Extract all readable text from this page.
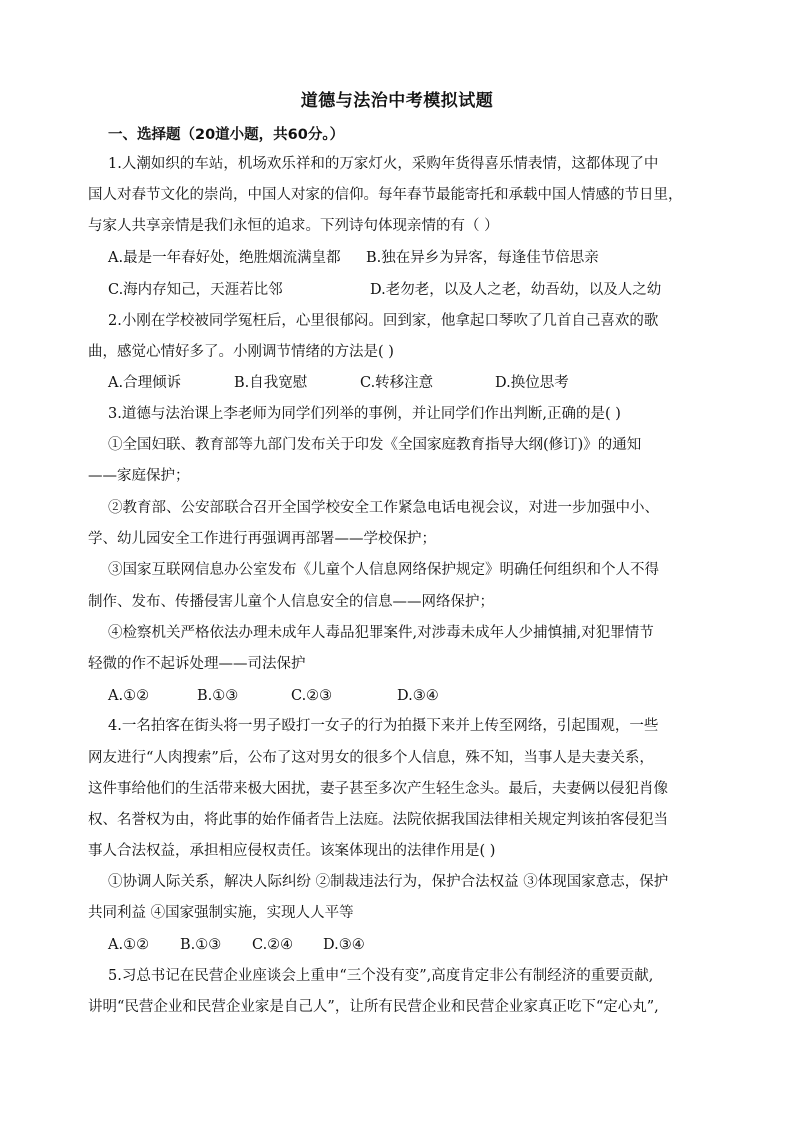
道德与法治中考模拟试题
一、选择题（20道小题，共60分。）
1.人潮如织的车站，机场欢乐祥和的万家灯火，采购年货得喜乐情表情，这都体现了中
国人对春节文化的崇尚，中国人对家的信仰。每年春节最能寄托和承载中国人情感的节日里，
与家人共享亲情是我们永恒的追求。下列诗句体现亲情的有（ ）
A.最是一年春好处，绝胜烟流满皇都 B.独在异乡为异客，每逢佳节倍思亲
C.海内存知己，天涯若比邻	D.老勿老，以及人之老，幼吾幼，以及人之幼
2.小刚在学校被同学冤枉后，心里很郁闷。回到家，他拿起口琴吹了几首自己喜欢的歌
曲，感觉心情好多了。小刚调节情绪的方法是( )
A.合理倾诉	B.自我宽慰	C.转移注意	D.换位思考
3.道德与法治课上李老师为同学们列举的事例，并让同学们作出判断,正确的是( )
①全国妇联、教育部等九部门发布关于印发《全国家庭教育指导大纲(修订)》的通知
——家庭保护；
②教育部、公安部联合召开全国学校安全工作紧急电话电视会议，对进一步加强中小、
学、幼儿园安全工作进行再强调再部署——学校保护；
③国家互联网信息办公室发布《儿童个人信息网络保护规定》明确任何组织和个人不得
制作、发布、传播侵害儿童个人信息安全的信息——网络保护；
④检察机关严格依法办理未成年人毒品犯罪案件,对涉毒未成年人少捕慎捕,对犯罪情节
轻微的作不起诉处理——司法保护
A.①②	B.①③	C.②③	D.③④
4.一名拍客在街头将一男子殴打一女子的行为拍摄下来并上传至网络，引起围观，一些
网友进行“人肉搜索”后，公布了这对男女的很多个人信息，殊不知，当事人是夫妻关系，
这件事给他们的生活带来极大困扰，妻子甚至多次产生轻生念头。最后，夫妻俩以侵犯肖像
权、名誉权为由，将此事的始作俑者告上法庭。法院依据我国法律相关规定判该拍客侵犯当
事人合法权益，承担相应侵权责任。该案体现出的法律作用是( )
①协调人际关系，解决人际纠纷 ②制裁违法行为，保护合法权益 ③体现国家意志，保护
共同利益 ④国家强制实施，实现人人平等
A.①② B.①③ C.②④ D.③④
5.习总书记在民营企业座谈会上重申“三个没有变”,高度肯定非公有制经济的重要贡献,
讲明“民营企业和民营企业家是自己人”，让所有民营企业和民营企业家真正吃下“定心丸”,
